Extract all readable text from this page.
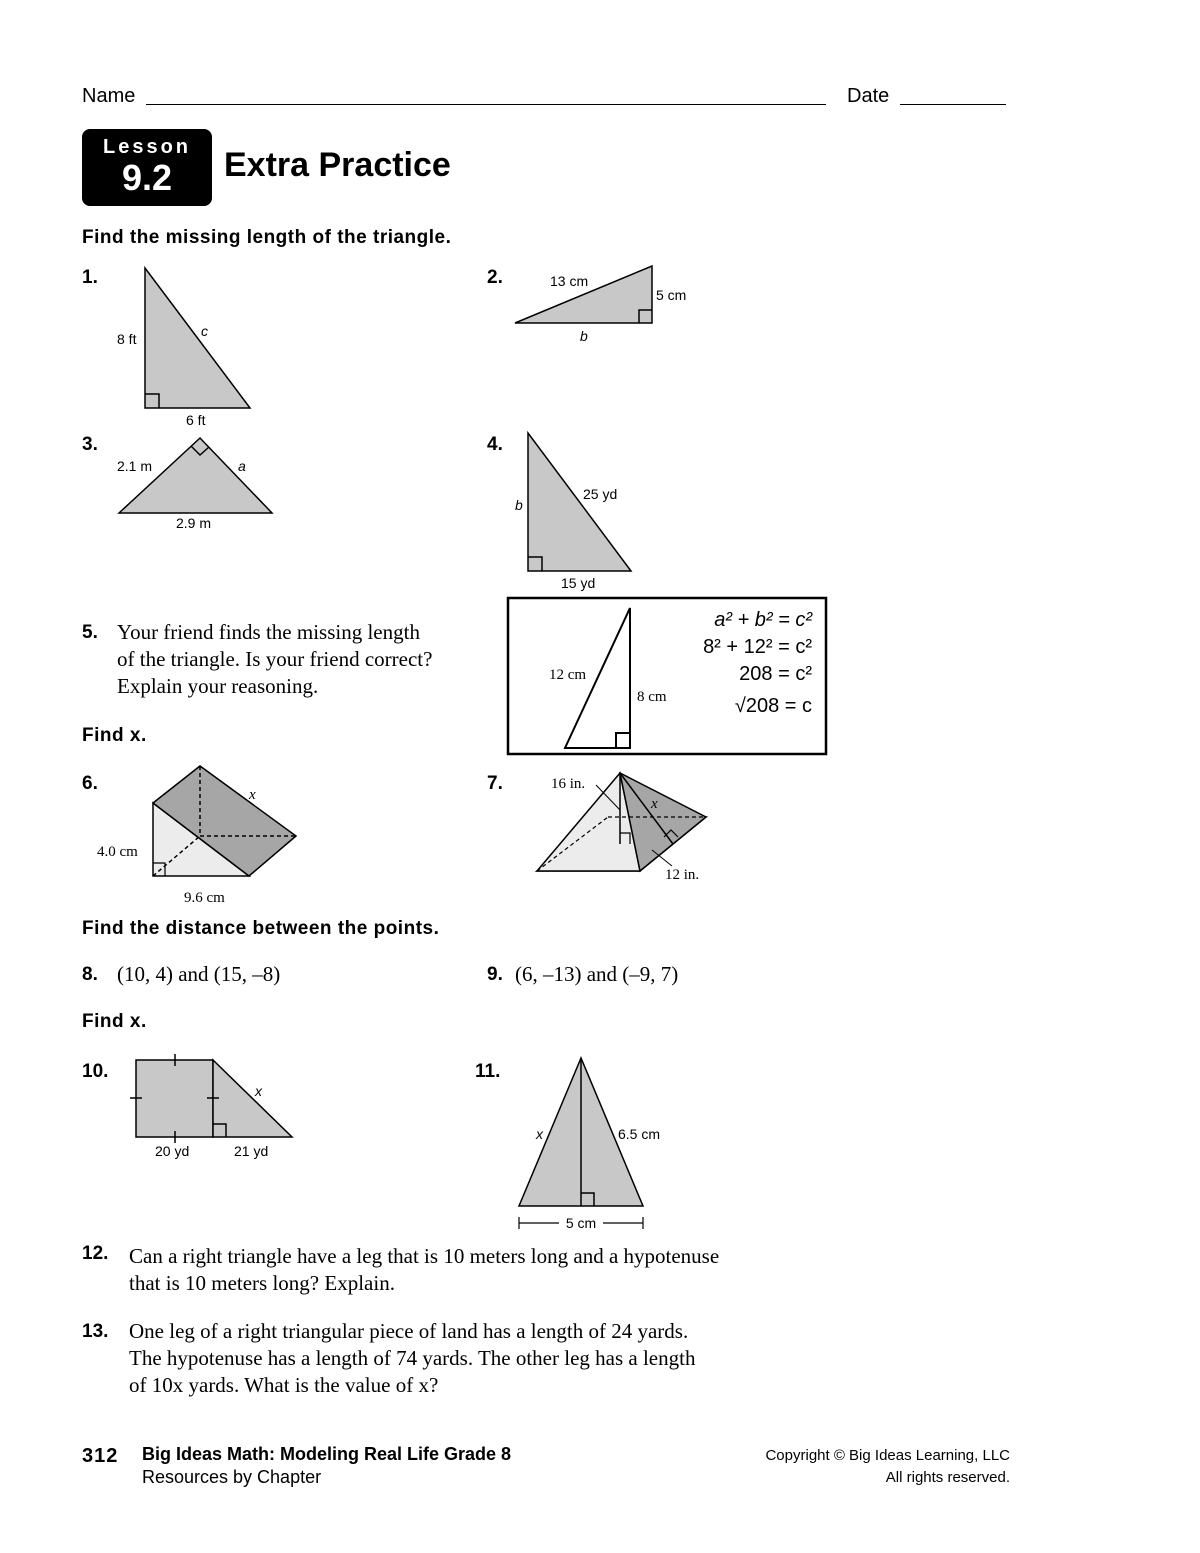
Name	Date
Lesson
9.2	Extra Practice
Find the missing length of the triangle.
1.
8 ft	c
6 ft
2.	13 cm
5 cm
b
3.
2.1 m	a
2.9 m
4.
b
25 yd
15 yd
5. Your friend finds the missing length
of the triangle. Is your friend correct?
Explain your reasoning.	12 cm
8 cm
a² + b² = c²
8² + 12² = c²
208 = c²
√208 = c
Find x.
6.
x
4.0 cm
9.6 cm
7.	16 in.
x
12 in.
Find the distance between the points.
8. (10, 4) and (15, –8)	9. (6, –13) and (–9, 7)
Find x.
10.
x
20 yd	21 yd
11.
x	6.5 cm
5 cm
12. Can a right triangle have a leg that is 10 meters long and a hypotenuse
that is 10 meters long? Explain.
13. One leg of a right triangular piece of land has a length of 24 yards.
The hypotenuse has a length of 74 yards. The other leg has a length
of 10x yards. What is the value of x?
312 Big Ideas Math: Modeling Real Life Grade 8
Resources by Chapter
Copyright © Big Ideas Learning, LLC
All rights reserved.
